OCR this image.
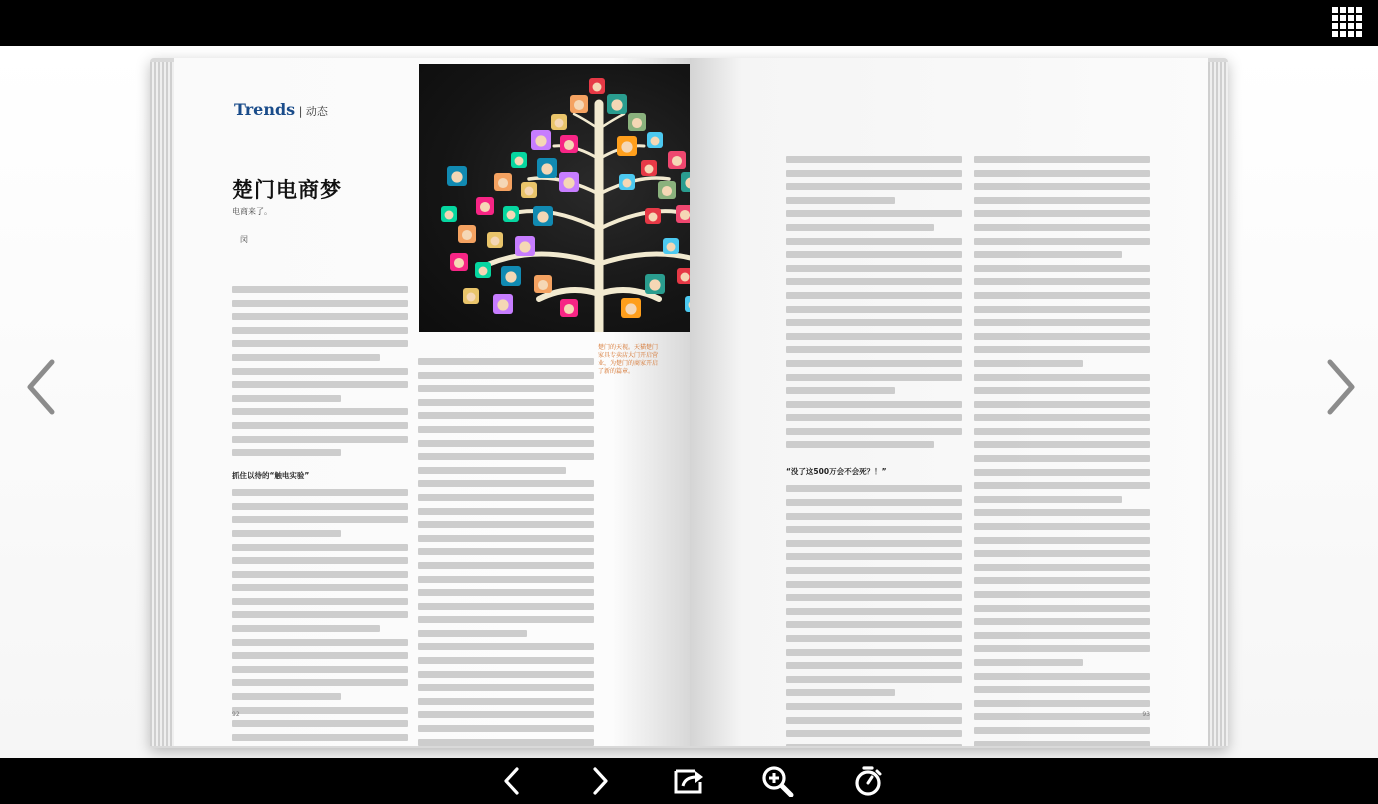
Trends | 动态
楚门电商梦
电商来了。
闵
抓住以待的“触电实验”
楚门的天视。天猫楚门家具专卖店大门开启营业，为楚门的商家开启了新的篇章。
92
“没了这500万会不会死？！”
93
